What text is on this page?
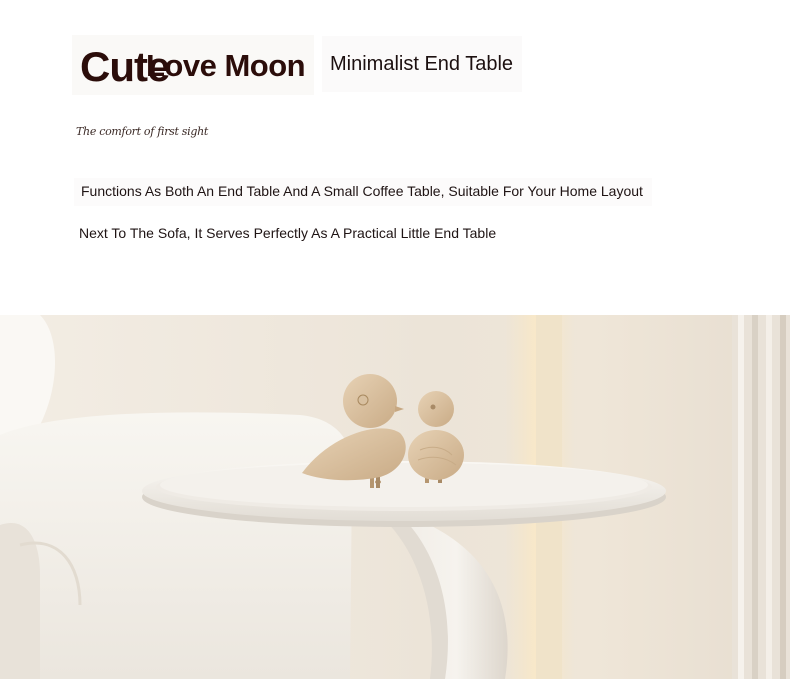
Cute
Love Moon Minimalist End Table
The comfort of first sight
Functions As Both An End Table And A Small Coffee Table, Suitable For Your Home Layout
Next To The Sofa, It Serves Perfectly As A Practical Little End Table
